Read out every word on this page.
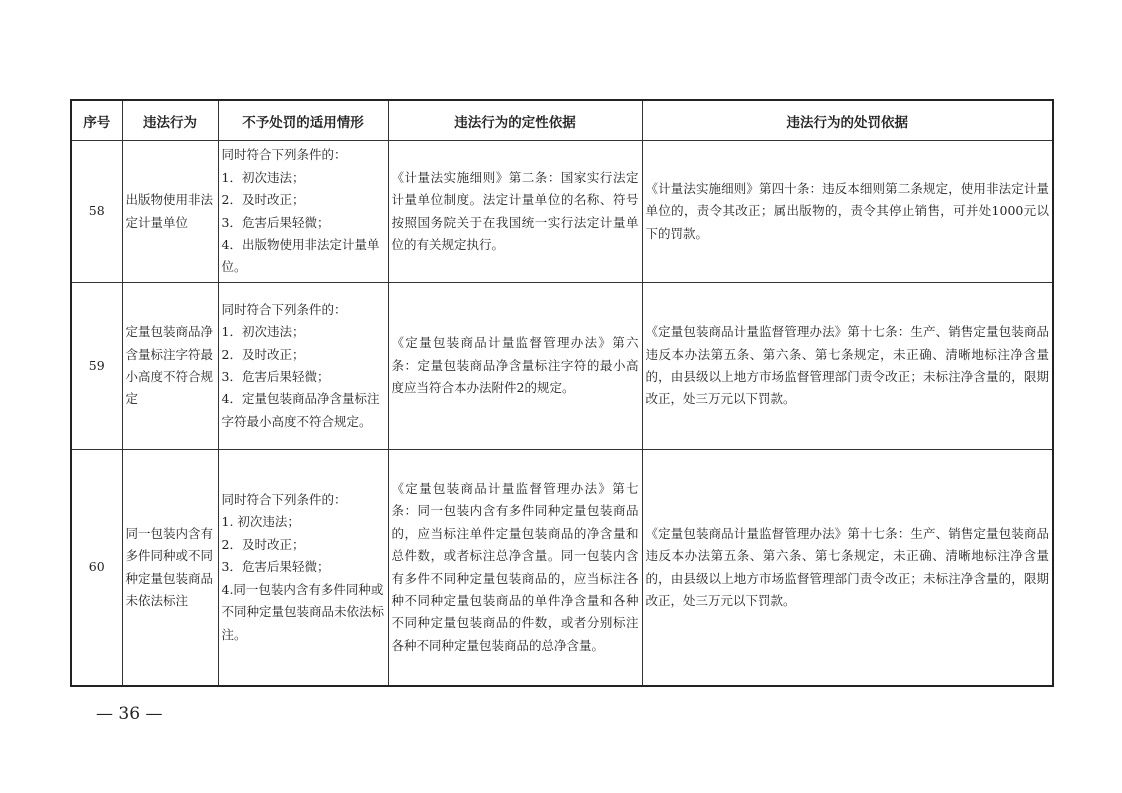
序号	违法行为	不予处罚的适用情形	违法行为的定性依据	违法行为的处罚依据
58	出版物使用非法定计量单位	同时符合下列条件的：
1．初次违法；
2．及时改正；
3．危害后果轻微；
4．出版物使用非法定计量单位。	《计量法实施细则》第二条：国家实行法定计量单位制度。法定计量单位的名称、符号按照国务院关于在我国统一实行法定计量单位的有关规定执行。	《计量法实施细则》第四十条：违反本细则第二条规定，使用非法定计量单位的，责令其改正；属出版物的，责令其停止销售，可并处1000元以下的罚款。
59	定量包装商品净含量标注字符最小高度不符合规定	同时符合下列条件的：
1．初次违法；
2．及时改正；
3．危害后果轻微；
4．定量包装商品净含量标注字符最小高度不符合规定。	《定量包装商品计量监督管理办法》第六条：定量包装商品净含量标注字符的最小高度应当符合本办法附件2的规定。	《定量包装商品计量监督管理办法》第十七条：生产、销售定量包装商品违反本办法第五条、第六条、第七条规定，未正确、清晰地标注净含量的，由县级以上地方市场监督管理部门责令改正；未标注净含量的，限期改正，处三万元以下罚款。
60	同一包装内含有多件同种或不同种定量包装商品未依法标注	同时符合下列条件的：
1. 初次违法；
2．及时改正；
3．危害后果轻微；
4.同一包装内含有多件同种或不同种定量包装商品未依法标注。	《定量包装商品计量监督管理办法》第七条：同一包装内含有多件同种定量包装商品的，应当标注单件定量包装商品的净含量和总件数，或者标注总净含量。同一包装内含有多件不同种定量包装商品的，应当标注各种不同种定量包装商品的单件净含量和各种不同种定量包装商品的件数，或者分别标注各种不同种定量包装商品的总净含量。	《定量包装商品计量监督管理办法》第十七条：生产、销售定量包装商品违反本办法第五条、第六条、第七条规定，未正确、清晰地标注净含量的，由县级以上地方市场监督管理部门责令改正；未标注净含量的，限期改正，处三万元以下罚款。
— 36 —
